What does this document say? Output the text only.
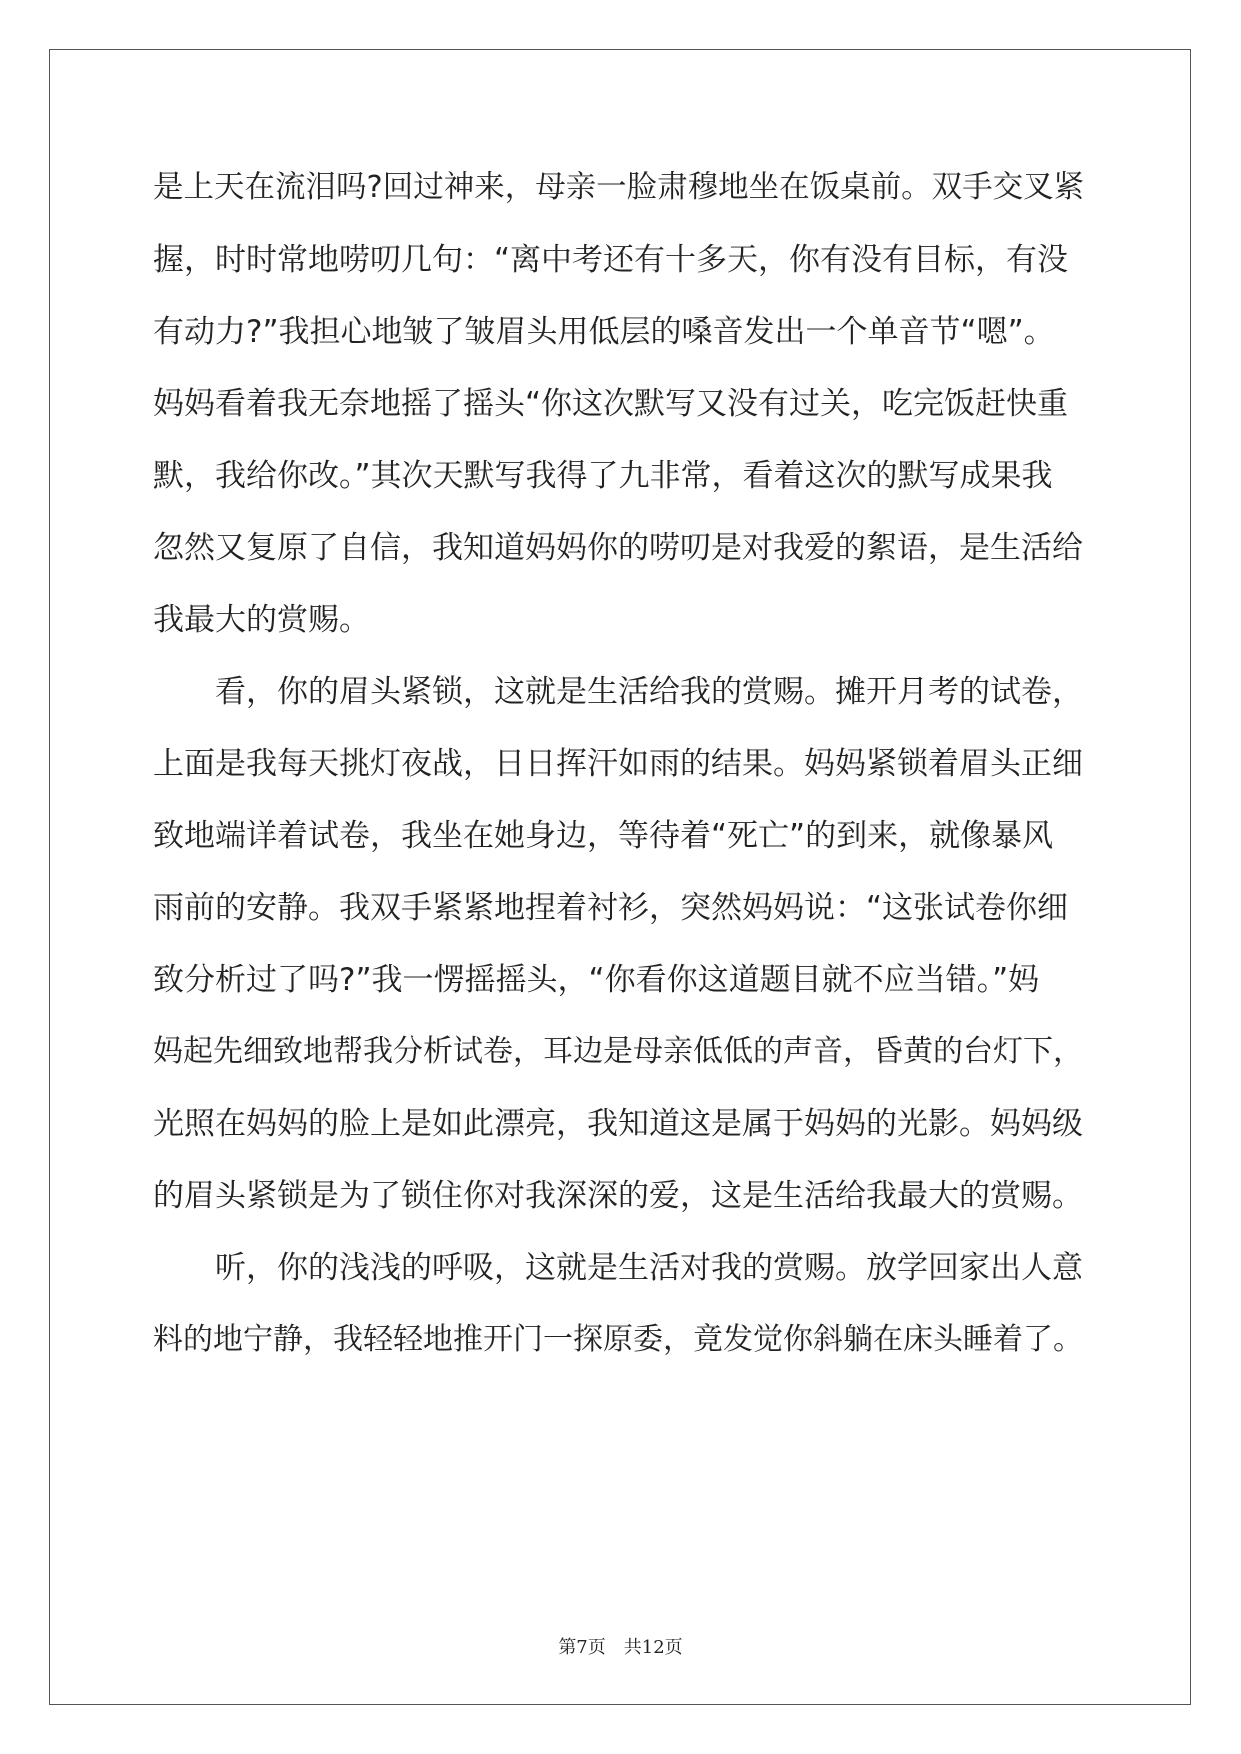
是上天在流泪吗?回过神来，母亲一脸肃穆地坐在饭桌前。双手交叉紧
握，时时常地唠叨几句：“离中考还有十多天，你有没有目标，有没
有动力?”我担心地皱了皱眉头用低层的嗓音发出一个单音节“嗯”。
妈妈看着我无奈地摇了摇头“你这次默写又没有过关，吃完饭赶快重
默，我给你改。”其次天默写我得了九非常，看着这次的默写成果我
忽然又复原了自信，我知道妈妈你的唠叨是对我爱的絮语，是生活给
我最大的赏赐。
　　看，你的眉头紧锁，这就是生活给我的赏赐。摊开月考的试卷，
上面是我每天挑灯夜战，日日挥汗如雨的结果。妈妈紧锁着眉头正细
致地端详着试卷，我坐在她身边，等待着“死亡”的到来，就像暴风
雨前的安静。我双手紧紧地捏着衬衫，突然妈妈说：“这张试卷你细
致分析过了吗?”我一愣摇摇头，“你看你这道题目就不应当错。”妈
妈起先细致地帮我分析试卷，耳边是母亲低低的声音，昏黄的台灯下，
光照在妈妈的脸上是如此漂亮，我知道这是属于妈妈的光影。妈妈级
的眉头紧锁是为了锁住你对我深深的爱，这是生活给我最大的赏赐。
　　听，你的浅浅的呼吸，这就是生活对我的赏赐。放学回家出人意
料的地宁静，我轻轻地推开门一探原委，竟发觉你斜躺在床头睡着了。
第7页　共12页
